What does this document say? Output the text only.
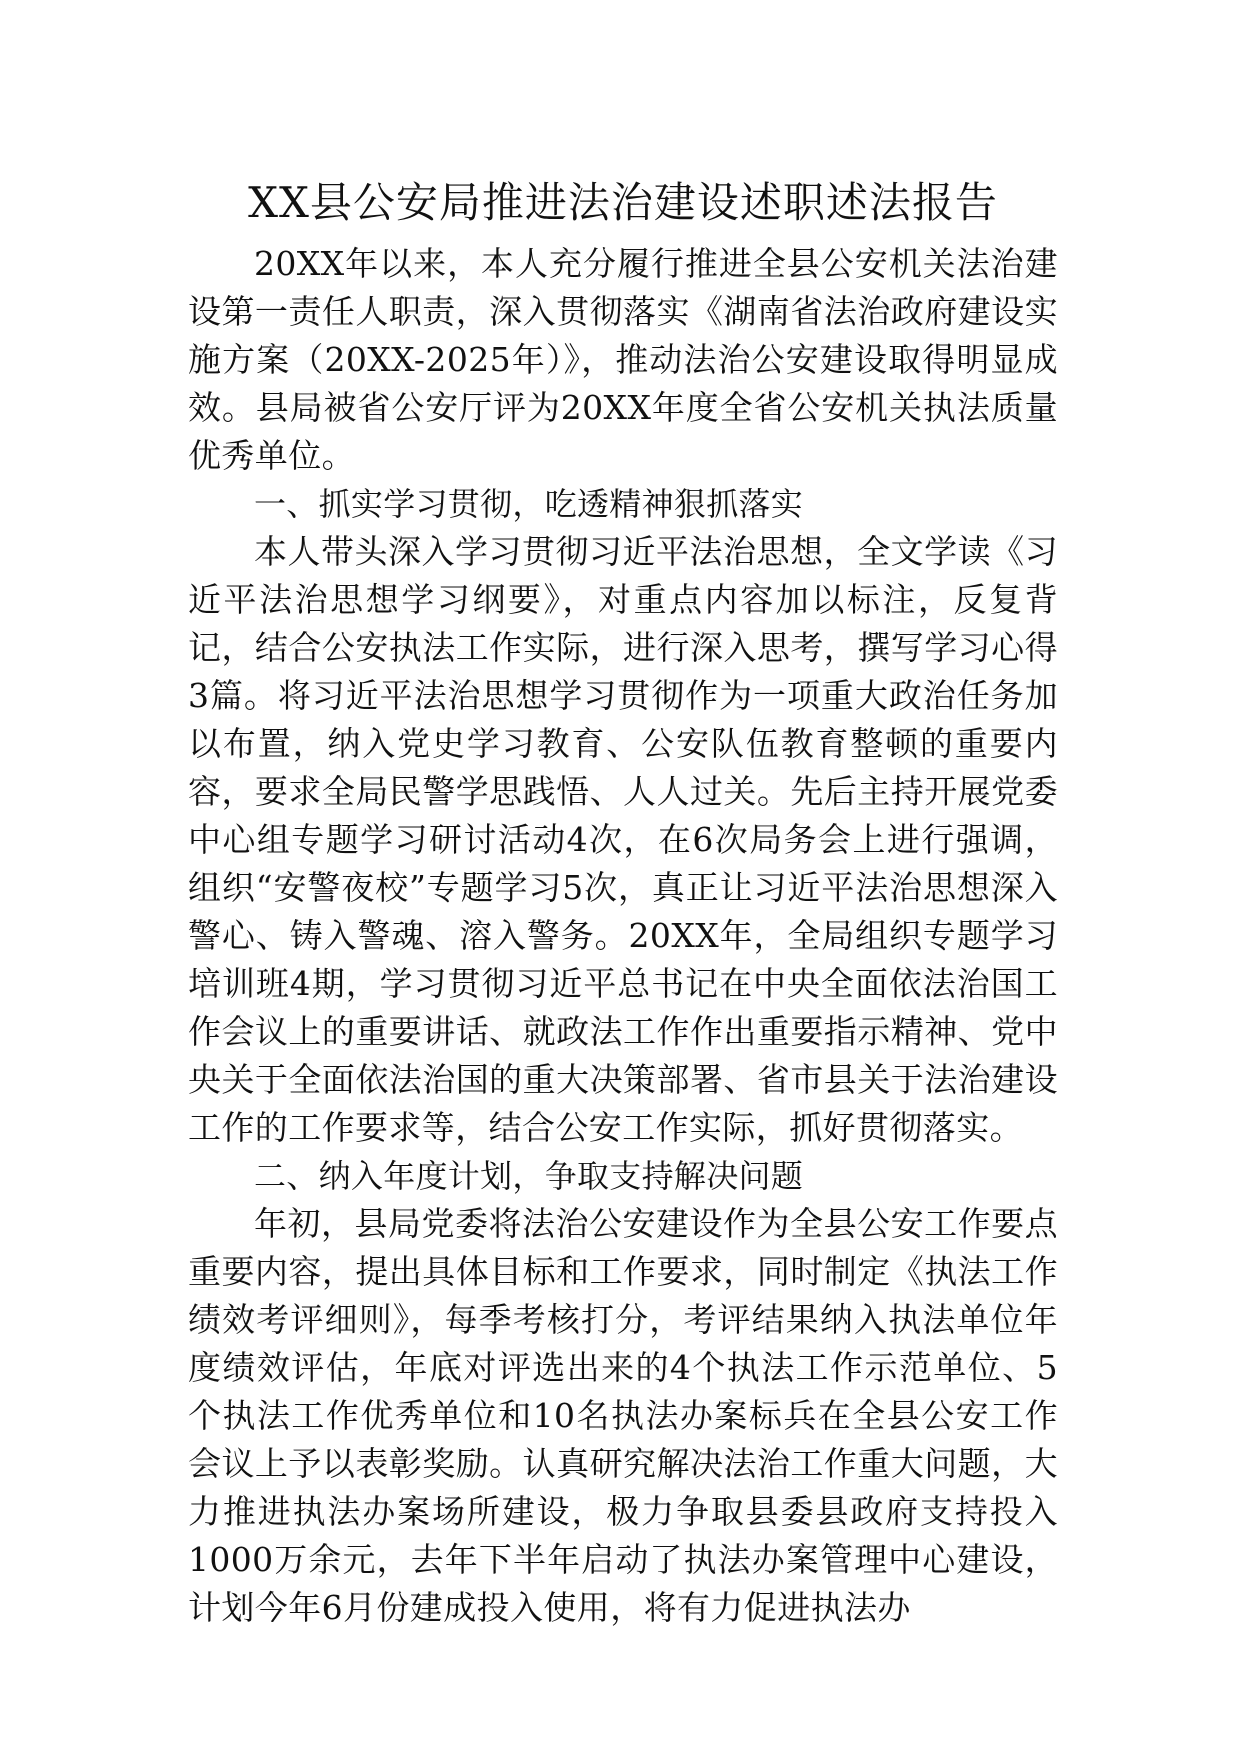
XX县公安局推进法治建设述职述法报告

20XX年以来，本人充分履行推进全县公安机关法治建设第一责任人职责，深入贯彻落实《湖南省法治政府建设实施方案（20XX-2025年）》，推动法治公安建设取得明显成效。县局被省公安厅评为20XX年度全省公安机关执法质量优秀单位。

一、抓实学习贯彻，吃透精神狠抓落实

本人带头深入学习贯彻习近平法治思想，全文学读《习近平法治思想学习纲要》，对重点内容加以标注，反复背记，结合公安执法工作实际，进行深入思考，撰写学习心得3篇。将习近平法治思想学习贯彻作为一项重大政治任务加以布置，纳入党史学习教育、公安队伍教育整顿的重要内容，要求全局民警学思践悟、人人过关。先后主持开展党委中心组专题学习研讨活动4次，在6次局务会上进行强调，组织“安警夜校”专题学习5次，真正让习近平法治思想深入警心、铸入警魂、溶入警务。20XX年，全局组织专题学习培训班4期，学习贯彻习近平总书记在中央全面依法治国工作会议上的重要讲话、就政法工作作出重要指示精神、党中央关于全面依法治国的重大决策部署、省市县关于法治建设工作的工作要求等，结合公安工作实际，抓好贯彻落实。

二、纳入年度计划，争取支持解决问题

年初，县局党委将法治公安建设作为全县公安工作要点重要内容，提出具体目标和工作要求，同时制定《执法工作绩效考评细则》，每季考核打分，考评结果纳入执法单位年度绩效评估，年底对评选出来的4个执法工作示范单位、5个执法工作优秀单位和10名执法办案标兵在全县公安工作会议上予以表彰奖励。认真研究解决法治工作重大问题，大力推进执法办案场所建设，极力争取县委县政府支持投入1000万余元，去年下半年启动了执法办案管理中心建设，计划今年6月份建成投入使用，将有力促进执法办
